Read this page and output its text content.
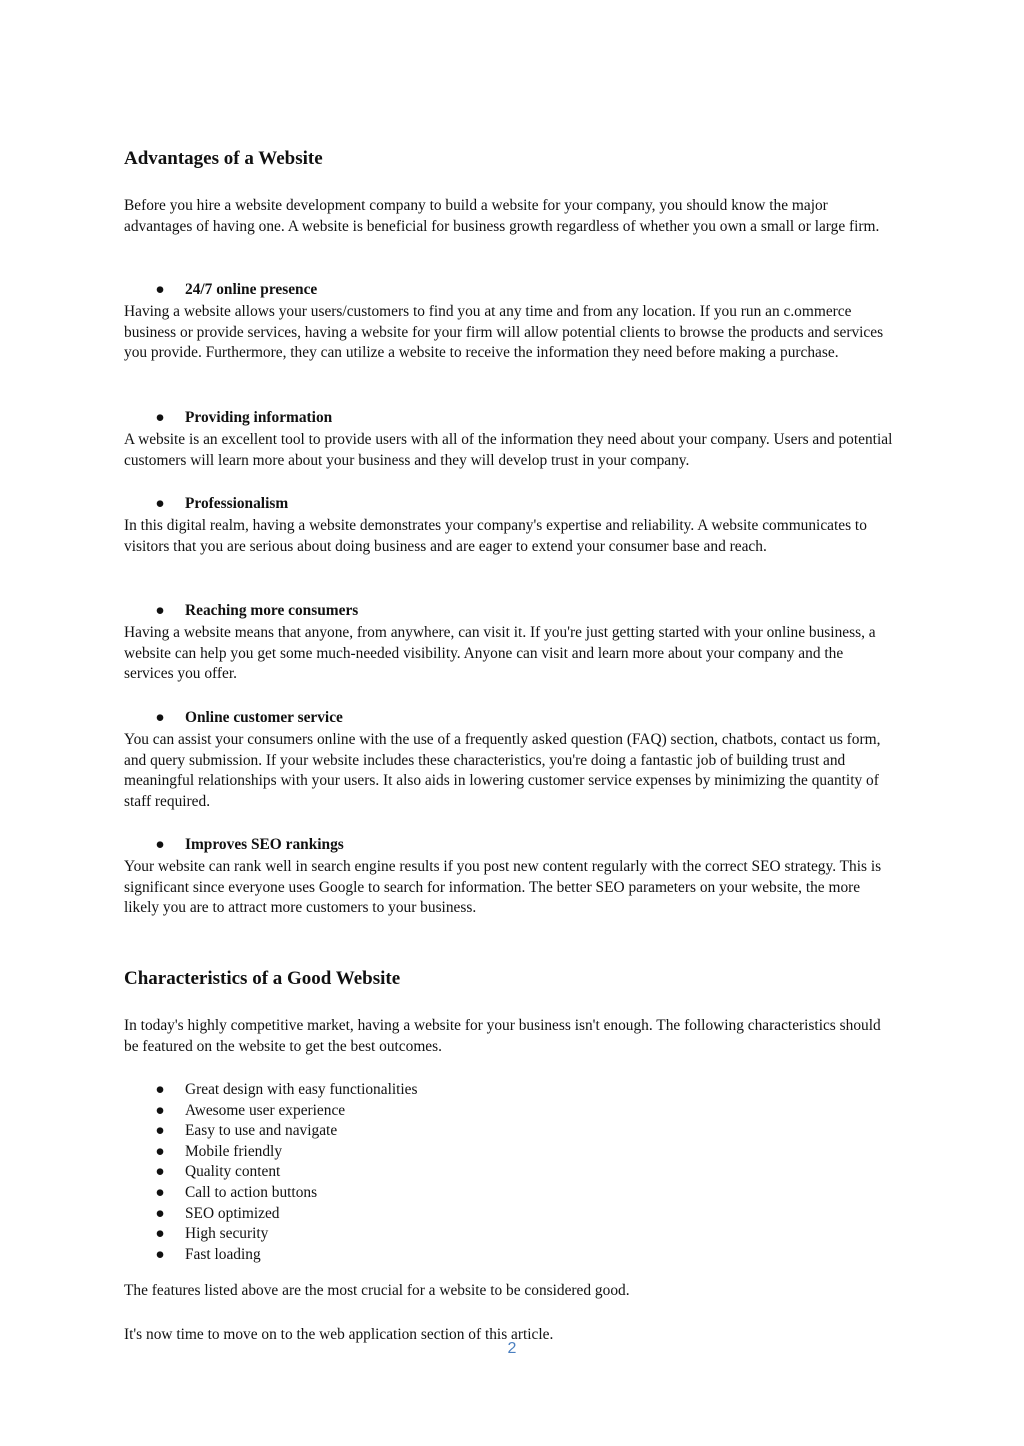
Advantages of a Website

Before you hire a website development company to build a website for your company, you should know the major advantages of having one. A website is beneficial for business growth regardless of whether you own a small or large firm.

● 24/7 online presence

Having a website allows your users/customers to find you at any time and from any location. If you run an c.ommerce business or provide services, having a website for your firm will allow potential clients to browse the products and services you provide. Furthermore, they can utilize a website to receive the information they need before making a purchase.

● Providing information

A website is an excellent tool to provide users with all of the information they need about your company. Users and potential customers will learn more about your business and they will develop trust in your company.

● Professionalism

In this digital realm, having a website demonstrates your company's expertise and reliability. A website communicates to visitors that you are serious about doing business and are eager to extend your consumer base and reach.

● Reaching more consumers

Having a website means that anyone, from anywhere, can visit it. If you're just getting started with your online business, a website can help you get some much-needed visibility. Anyone can visit and learn more about your company and the services you offer.

● Online customer service

You can assist your consumers online with the use of a frequently asked question (FAQ) section, chatbots, contact us form, and query submission. If your website includes these characteristics, you're doing a fantastic job of building trust and meaningful relationships with your users. It also aids in lowering customer service expenses by minimizing the quantity of staff required.

● Improves SEO rankings

Your website can rank well in search engine results if you post new content regularly with the correct SEO strategy. This is significant since everyone uses Google to search for information. The better SEO parameters on your website, the more likely you are to attract more customers to your business.

Characteristics of a Good Website

In today's highly competitive market, having a website for your business isn't enough. The following characteristics should be featured on the website to get the best outcomes.

● Great design with easy functionalities
● Awesome user experience
● Easy to use and navigate
● Mobile friendly
● Quality content
● Call to action buttons
● SEO optimized
● High security
● Fast loading

The features listed above are the most crucial for a website to be considered good.

It's now time to move on to the web application section of this article.

2
